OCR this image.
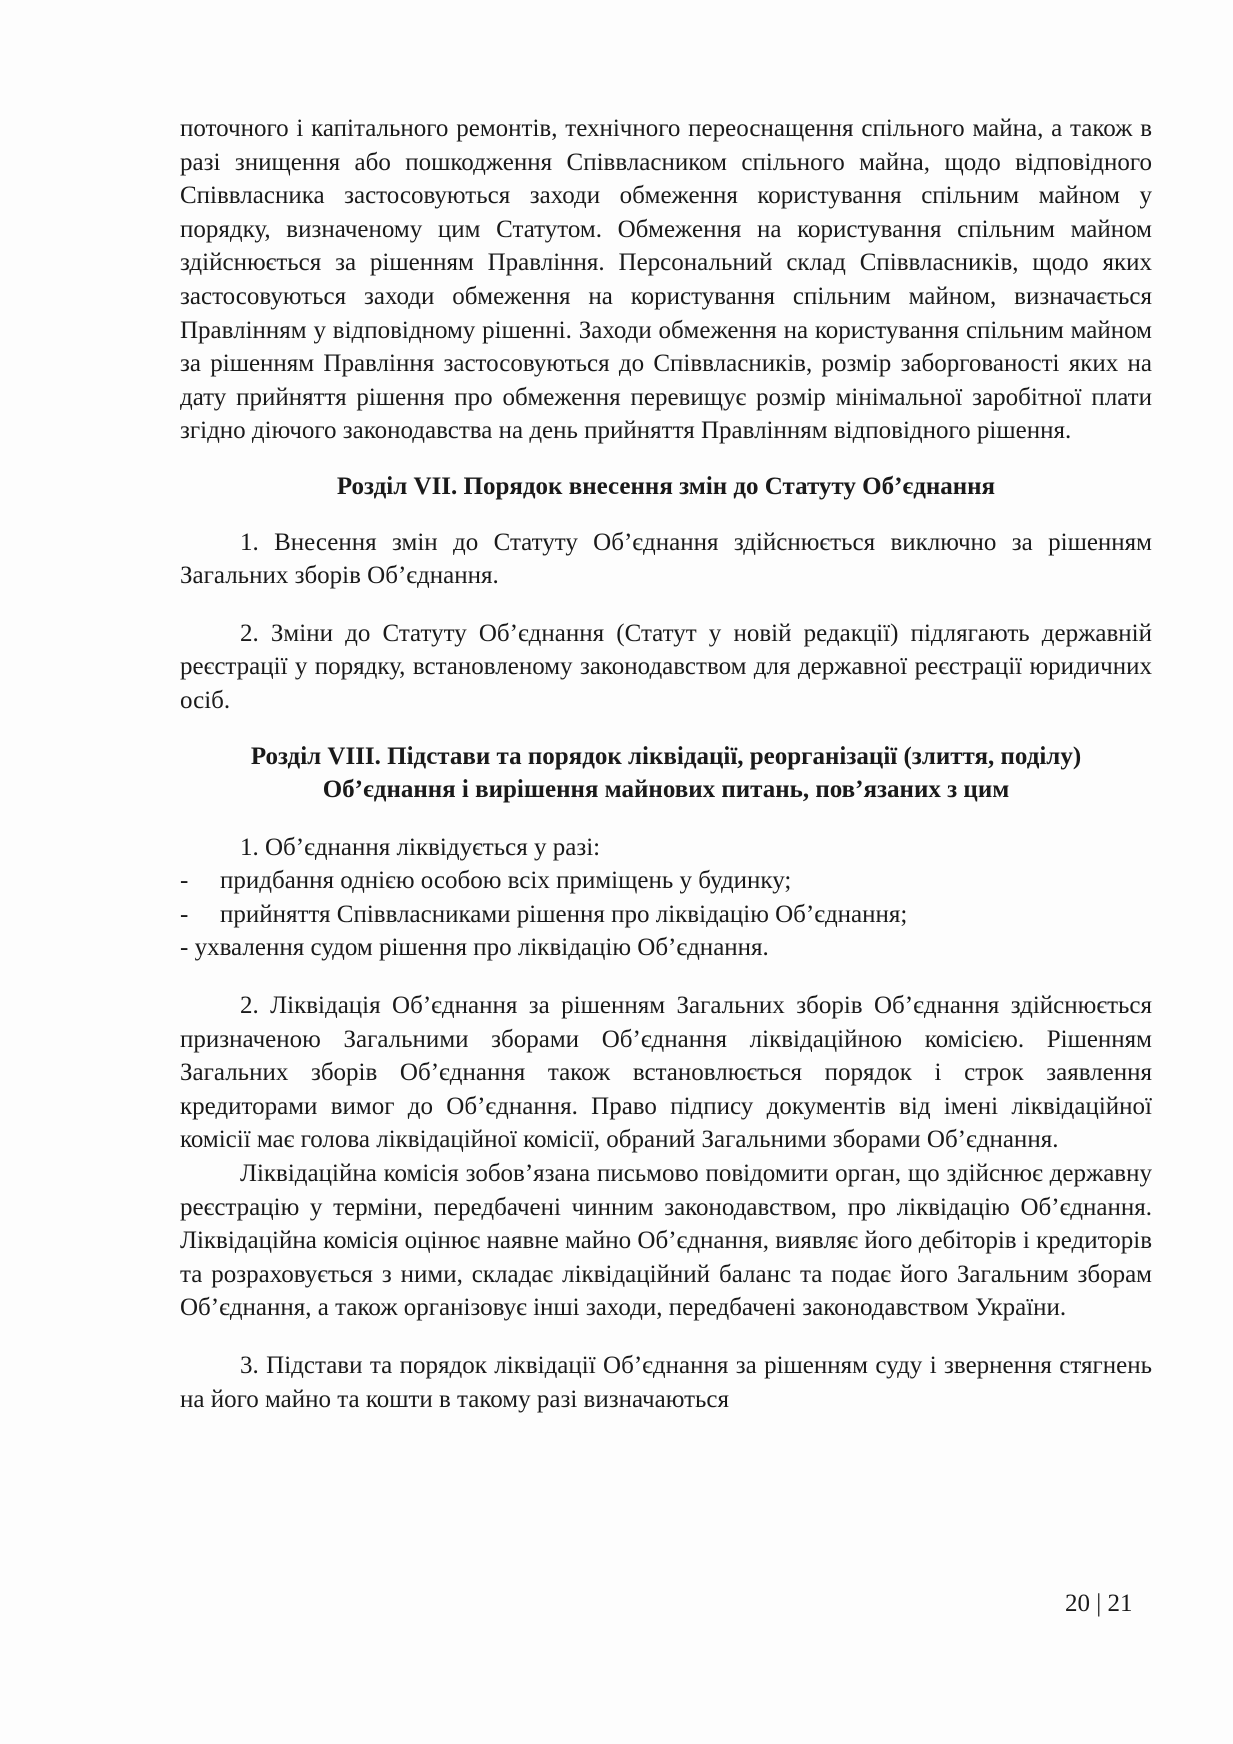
поточного і капітального ремонтів, технічного переоснащення спільного майна, а також в разі знищення або пошкодження Співвласником спільного майна, щодо відповідного Співвласника застосовуються заходи обмеження користування спільним майном у порядку, визначеному цим Статутом. Обмеження на користування спільним майном здійснюється за рішенням Правління. Персональний склад Співвласників, щодо яких застосовуються заходи обмеження на користування спільним майном, визначається Правлінням у відповідному рішенні. Заходи обмеження на користування спільним майном за рішенням Правління застосовуються до Співвласників, розмір заборгованості яких на дату прийняття рішення про обмеження перевищує розмір мінімальної заробітної плати згідно діючого законодавства на день прийняття Правлінням відповідного рішення.

Розділ VII. Порядок внесення змін до Статуту Об’єднання

1. Внесення змін до Статуту Об’єднання здійснюється виключно за рішенням Загальних зборів Об’єднання.

2. Зміни до Статуту Об’єднання (Статут у новій редакції) підлягають державній реєстрації у порядку, встановленому законодавством для державної реєстрації юридичних осіб.

Розділ VIII. Підстави та порядок ліквідації, реорганізації (злиття, поділу)

Об’єднання і вирішення майнових питань, пов’язаних з цим

1. Об’єднання ліквідується у разі:
- придбання однією особою всіх приміщень у будинку;
- прийняття Співвласниками рішення про ліквідацію Об’єднання;
- ухвалення судом рішення про ліквідацію Об’єднання.

2. Ліквідація Об’єднання за рішенням Загальних зборів Об’єднання здійснюється призначеною Загальними зборами Об’єднання ліквідаційною комісією. Рішенням Загальних зборів Об’єднання також встановлюється порядок і строк заявлення кредиторами вимог до Об’єднання. Право підпису документів від імені ліквідаційної комісії має голова ліквідаційної комісії, обраний Загальними зборами Об’єднання.

Ліквідаційна комісія зобов’язана письмово повідомити орган, що здійснює державну реєстрацію у терміни, передбачені чинним законодавством, про ліквідацію Об’єднання. Ліквідаційна комісія оцінює наявне майно Об’єднання, виявляє його дебіторів і кредиторів та розраховується з ними, складає ліквідаційний баланс та подає його Загальним зборам Об’єднання, а також організовує інші заходи, передбачені законодавством України.

3. Підстави та порядок ліквідації Об’єднання за рішенням суду і звернення стягнень на його майно та кошти в такому разі визначаються

20 | 21
